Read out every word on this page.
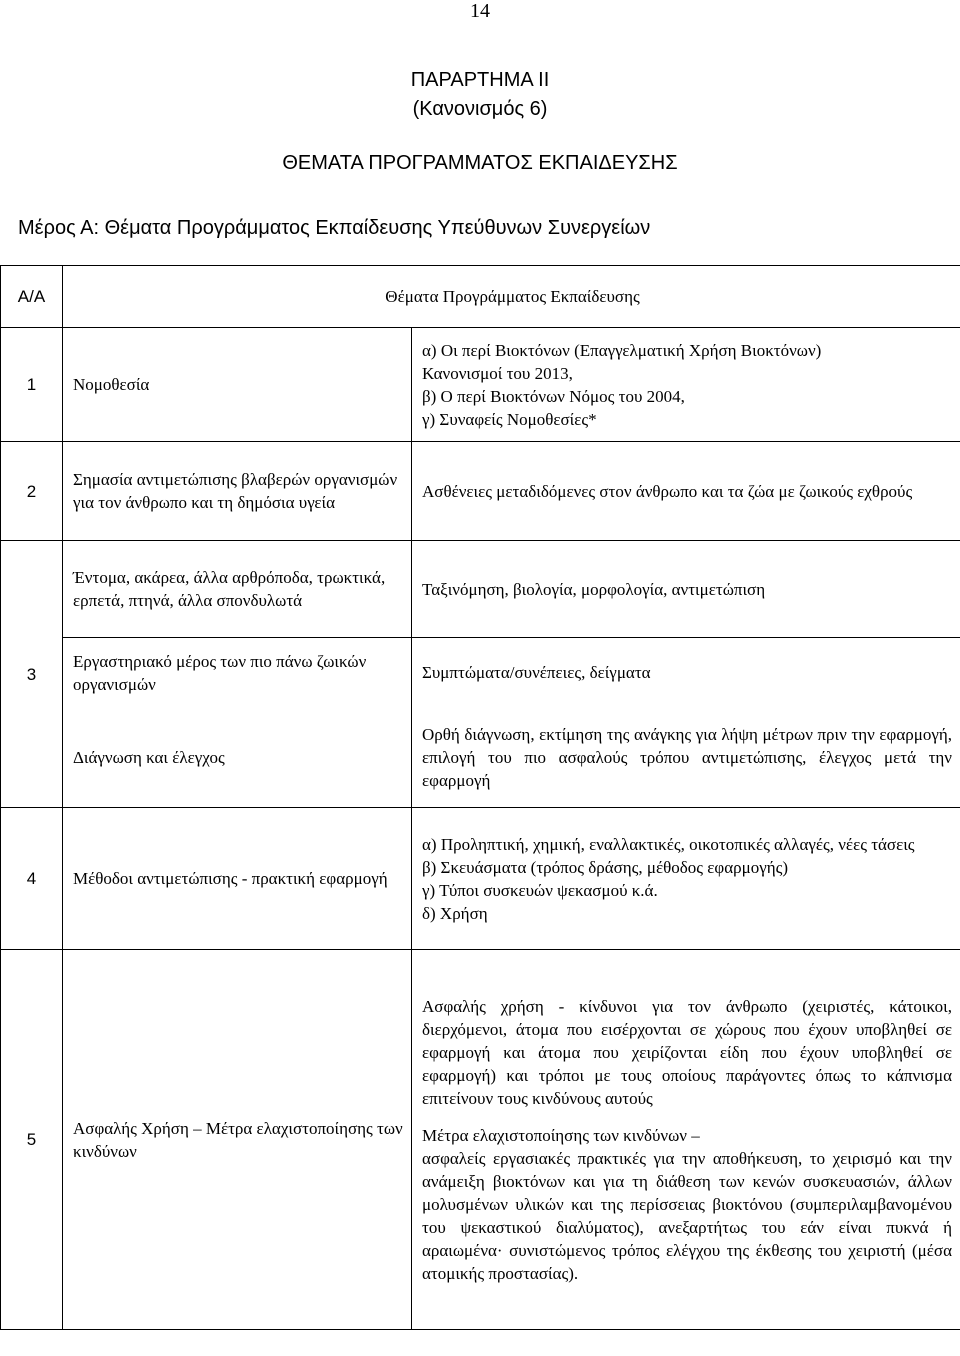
14
ΠΑΡΑΡΤΗΜΑ ΙΙ
(Κανονισμός 6)
ΘΕΜΑΤΑ ΠΡΟΓΡΑΜΜΑΤΟΣ ΕΚΠΑΙΔΕΥΣΗΣ
Μέρος Α: Θέματα Προγράμματος Εκπαίδευσης Υπεύθυνων Συνεργείων
Α/Α	Θέματα Προγράμματος Εκπαίδευσης	
1	Νομοθεσία	α) Οι περί Βιοκτόνων (Επαγγελματική Χρήση Βιοκτόνων)
Κανονισμοί του 2013,
β) Ο περί Βιοκτόνων Νόμος του 2004,
γ) Συναφείς Νομοθεσίες*

2	Σημασία αντιμετώπισης βλαβερών οργανισμών για τον άνθρωπο και τη δημόσια υγεία	Ασθένειες μεταδιδόμενες στον άνθρωπο και τα ζώα με ζωικούς εχθρούς
3	Έντομα, ακάρεα, άλλα αρθρόποδα, τρωκτικά, ερπετά, πτηνά, άλλα σπονδυλωτά	Ταξινόμηση, βιολογία, μορφολογία, αντιμετώπιση
	Εργαστηριακό μέρος των πιο πάνω ζωικών οργανισμών	Συμπτώματα/συνέπειες, δείγματα
	Διάγνωση και έλεγχος	Ορθή διάγνωση, εκτίμηση της ανάγκης για λήψη μέτρων πριν την εφαρμογή, επιλογή του πιο ασφαλούς τρόπου αντιμετώπισης, έλεγχος μετά την εφαρμογή
4	Μέθοδοι αντιμετώπισης - πρακτική εφαρμογή	α) Προληπτική, χημική, εναλλακτικές, οικοτοπικές αλλαγές, νέες τάσεις
β) Σκευάσματα (τρόπος δράσης, μέθοδος εφαρμογής)
γ) Τύποι συσκευών ψεκασμού κ.ά.
δ) Χρήση

5	Ασφαλής Χρήση – Μέτρα ελαχιστοποίησης των κινδύνων	Ασφαλής χρήση - κίνδυνοι για τον άνθρωπο (χειριστές, κάτοικοι, διερχόμενοι, άτομα που εισέρχονται σε χώρους που έχουν υποβληθεί σε εφαρμογή και άτομα που χειρίζονται είδη που έχουν υποβληθεί σε εφαρμογή) και τρόποι με τους οποίους παράγοντες όπως το κάπνισμα επιτείνουν τους κινδύνους αυτούς
Μέτρα ελαχιστοποίησης των κινδύνων –
ασφαλείς εργασιακές πρακτικές για την αποθήκευση, το χειρισμό και την ανάμειξη βιοκτόνων και για τη διάθεση των κενών συσκευασιών, άλλων μολυσμένων υλικών και της περίσσειας βιοκτόνου (συμπεριλαμβανομένου του ψεκαστικού διαλύματος), ανεξαρτήτως του εάν είναι πυκνά ή αραιωμένα· συνιστώμενος τρόπος ελέγχου της έκθεσης του χειριστή (μέσα ατομικής προστασίας).
